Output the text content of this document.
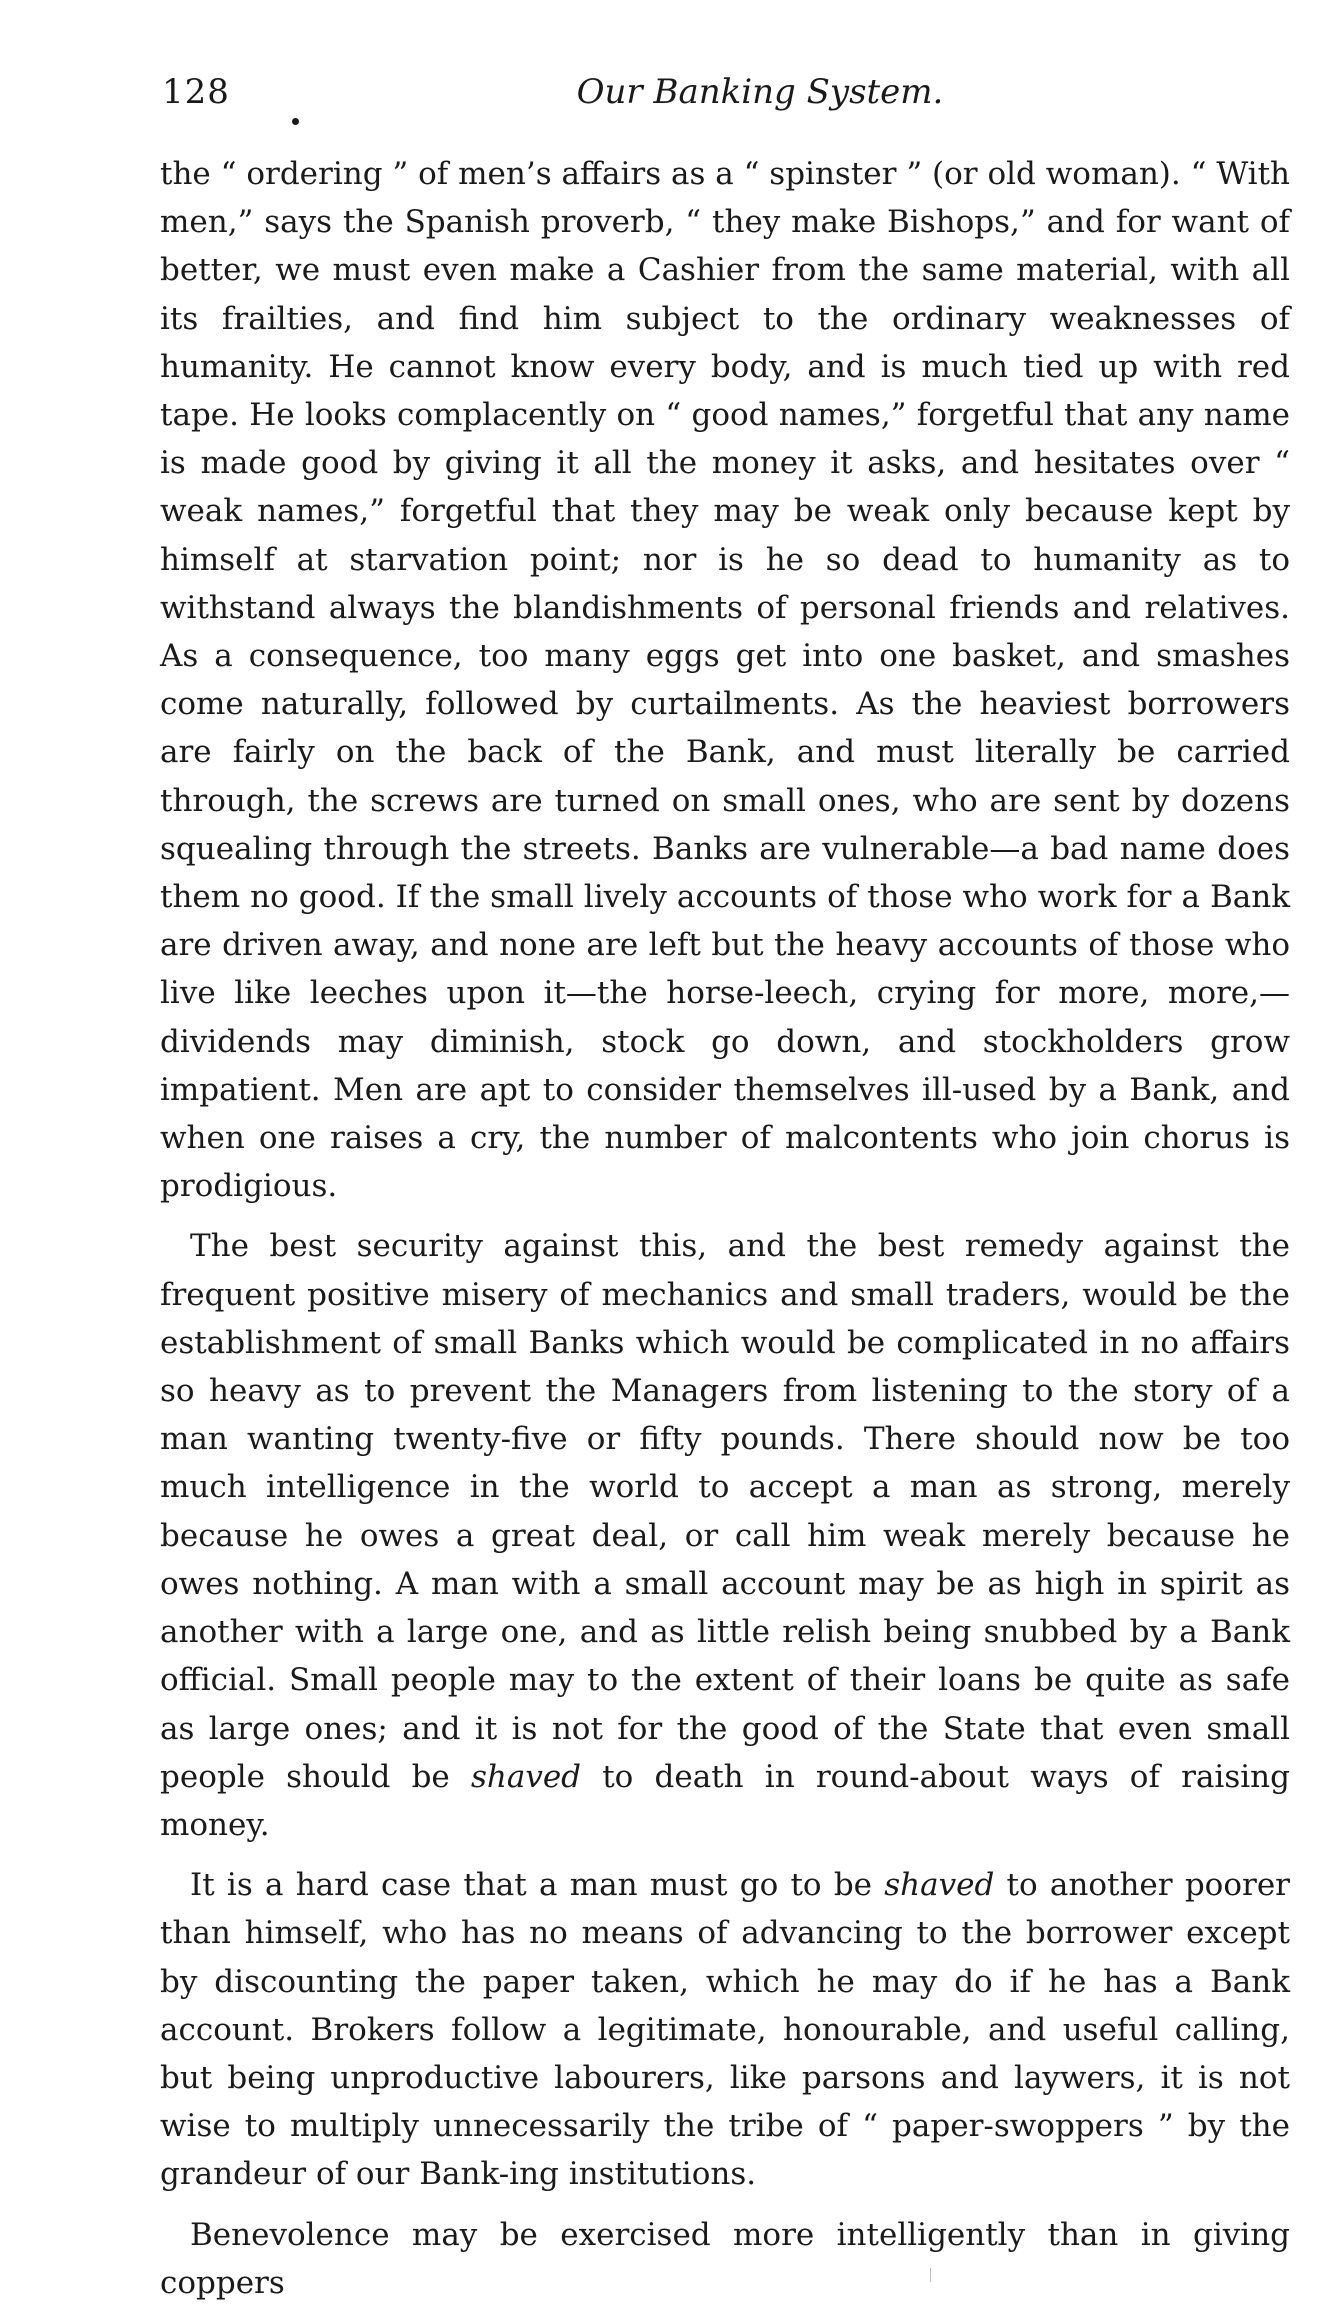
128	Our Banking System.

the “ ordering ” of men’s affairs as a “ spinster ” (or old woman). “ With men,” says the Spanish proverb, “ they make Bishops,” and for want of better, we must even make a Cashier from the same material, with all its frailties, and find him subject to the ordinary weaknesses of humanity. He cannot know every body, and is much tied up with red tape. He looks complacently on “ good names,” forgetful that any name is made good by giving it all the money it asks, and hesitates over “ weak names,” forgetful that they may be weak only because kept by himself at starvation point; nor is he so dead to humanity as to withstand always the blandishments of personal friends and relatives. As a consequence, too many eggs get into one basket, and smashes come naturally, followed by curtailments. As the heaviest borrowers are fairly on the back of the Bank, and must literally be carried through, the screws are turned on small ones, who are sent by dozens squealing through the streets. Banks are vulnerable—a bad name does them no good. If the small lively accounts of those who work for a Bank are driven away, and none are left but the heavy accounts of those who live like leeches upon it—the horse-leech, crying for more, more,—dividends may diminish, stock go down, and stockholders grow impatient. Men are apt to consider themselves ill-used by a Bank, and when one raises a cry, the number of malcontents who join chorus is prodigious.

The best security against this, and the best remedy against the frequent positive misery of mechanics and small traders, would be the establishment of small Banks which would be complicated in no affairs so heavy as to prevent the Managers from listening to the story of a man wanting twenty-five or fifty pounds. There should now be too much intelligence in the world to accept a man as strong, merely because he owes a great deal, or call him weak merely because he owes nothing. A man with a small account may be as high in spirit as another with a large one, and as little relish being snubbed by a Bank official. Small people may to the extent of their loans be quite as safe as large ones; and it is not for the good of the State that even small people should be shaved to death in round-about ways of raising money.

It is a hard case that a man must go to be shaved to another poorer than himself, who has no means of advancing to the borrower except by discounting the paper taken, which he may do if he has a Bank account. Brokers follow a legitimate, honourable, and useful calling, but being unproductive labourers, like parsons and laywers, it is not wise to multiply unnecessarily the tribe of “ paper-swoppers ” by the grandeur of our Bank-ing institutions.

Benevolence may be exercised more intelligently than in giving coppers
